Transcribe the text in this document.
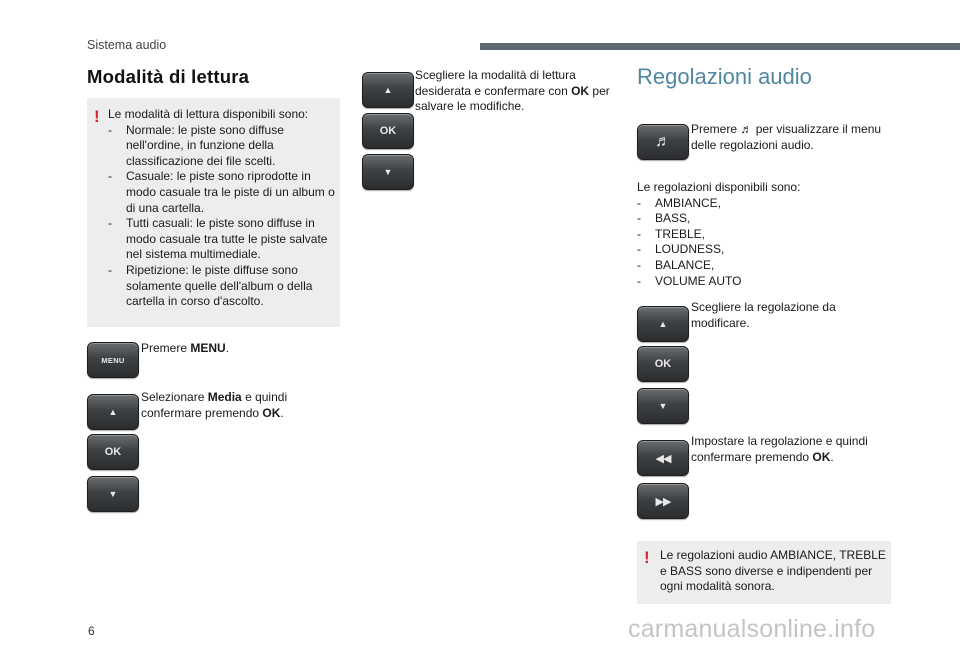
Sistema audio
Modalità di lettura
! Le modalità di lettura disponibili sono:
- Normale: le piste sono diffuse nell'ordine, in funzione della classificazione dei file scelti.
- Casuale: le piste sono riprodotte in modo casuale tra le piste di un album o di una cartella.
- Tutti casuali: le piste sono diffuse in modo casuale tra tutte le piste salvate nel sistema multimediale.
- Ripetizione: le piste diffuse sono solamente quelle dell'album o della cartella in corso d'ascolto.
MENU
Premere MENU.
▲
OK
▼
Selezionare Media e quindi confermare premendo OK.
▲
OK
▼
Scegliere la modalità di lettura desiderata e confermare con OK per salvare le modifiche.
Regolazioni audio
♬
Premere ♬ per visualizzare il menu delle regolazioni audio.
Le regolazioni disponibili sono:
- AMBIANCE,
- BASS,
- TREBLE,
- LOUDNESS,
- BALANCE,
- VOLUME AUTO
▲
OK
▼
Scegliere la regolazione da modificare.
◀◀
▶▶
Impostare la regolazione e quindi confermare premendo OK.
! Le regolazioni audio AMBIANCE, TREBLE e BASS sono diverse e indipendenti per ogni modalità sonora.
6	carmanualsonline.info
